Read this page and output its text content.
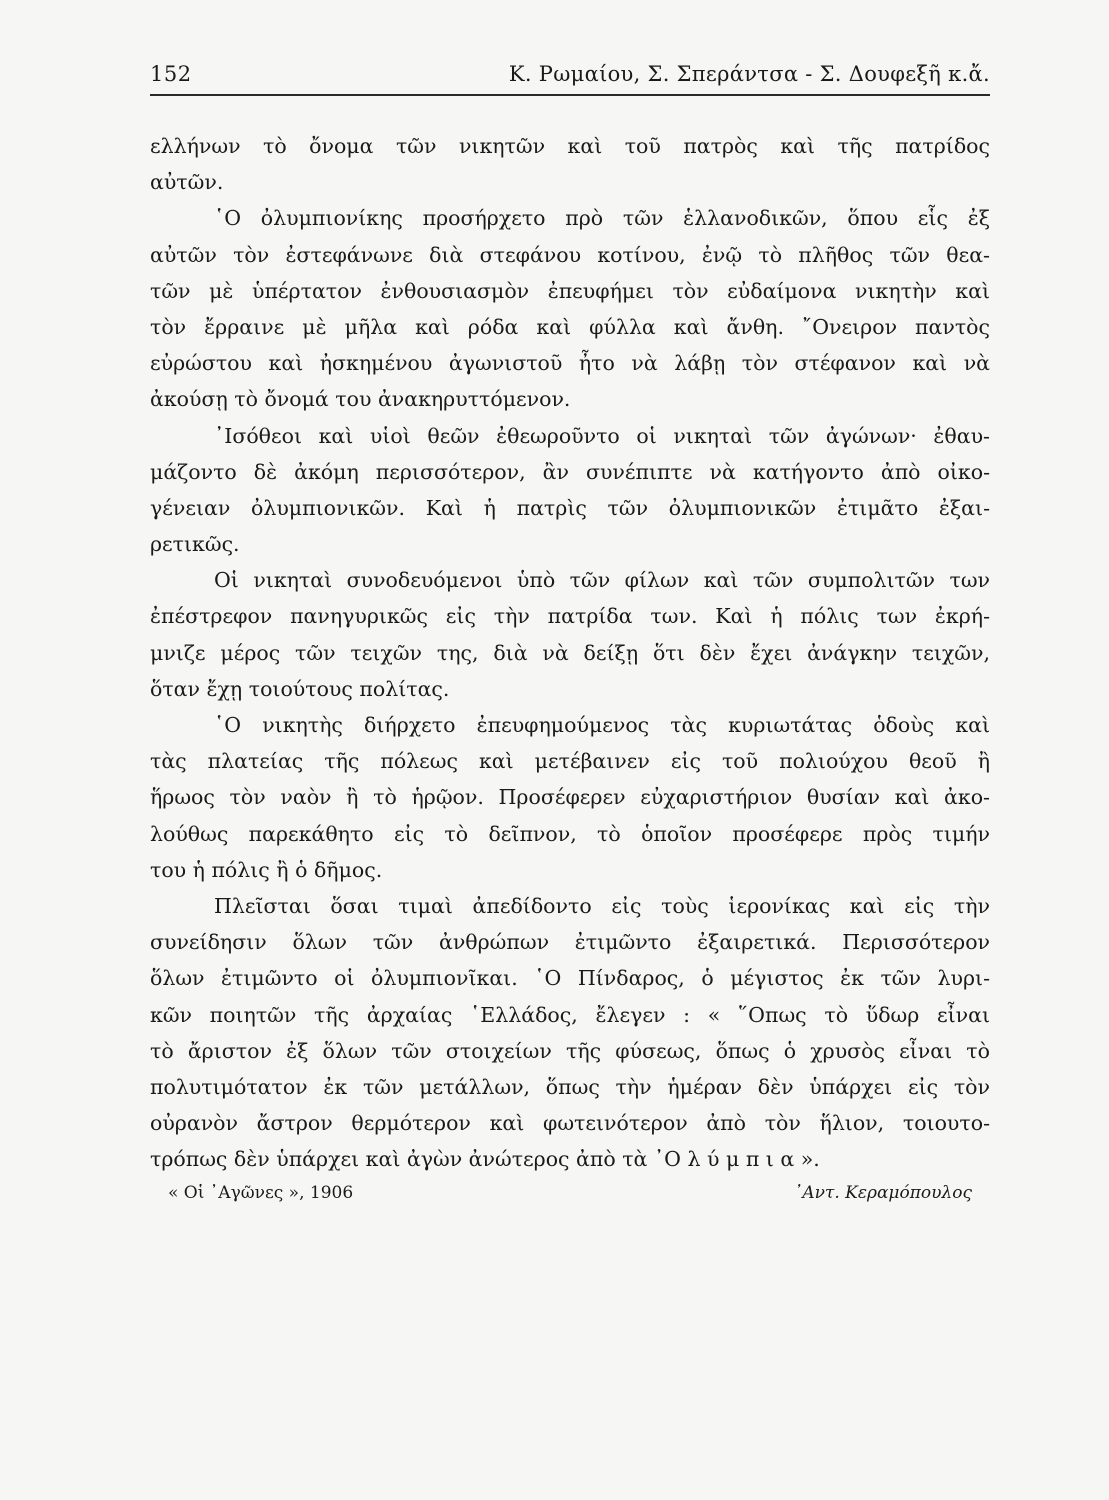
152	Κ. Ρωμαίου, Σ. Σπεράντσα - Σ. Δουφεξῆ κ.ἄ.
ελλήνων τὸ ὄνομα τῶν νικητῶν καὶ τοῦ πατρὸς καὶ τῆς πατρίδος
αὐτῶν.
῾Ο ὀλυμπιονίκης προσήρχετο πρὸ τῶν ἑλλανοδικῶν, ὅπου εἷς ἐξ
αὐτῶν τὸν ἐστεφάνωνε διὰ στεφάνου κοτίνου, ἐνῷ τὸ πλῆθος τῶν θεα-
τῶν μὲ ὑπέρτατον ἐνθουσιασμὸν ἐπευφήμει τὸν εὐδαίμονα νικητὴν καὶ
τὸν ἔρραινε μὲ μῆλα καὶ ρόδα καὶ φύλλα καὶ ἄνθη. ῎Ονειρον παντὸς
εὐρώστου καὶ ἠσκημένου ἀγωνιστοῦ ἦτο νὰ λάβῃ τὸν στέφανον καὶ νὰ
ἀκούσῃ τὸ ὄνομά του ἀνακηρυττόμενον.
᾿Ισόθεοι καὶ υἱοὶ θεῶν ἐθεωροῦντο οἱ νικηταὶ τῶν ἀγώνων· ἐθαυ-
μάζοντο δὲ ἀκόμη περισσότερον, ἂν συνέπιπτε νὰ κατήγοντο ἀπὸ οἰκο-
γένειαν ὀλυμπιονικῶν. Καὶ ἡ πατρὶς τῶν ὀλυμπιονικῶν ἐτιμᾶτο ἐξαι-
ρετικῶς.
Οἱ νικηταὶ συνοδευόμενοι ὑπὸ τῶν φίλων καὶ τῶν συμπολιτῶν των
ἐπέστρεφον πανηγυρικῶς εἰς τὴν πατρίδα των. Καὶ ἡ πόλις των ἐκρή-
μνιζε μέρος τῶν τειχῶν της, διὰ νὰ δείξῃ ὅτι δὲν ἔχει ἀνάγκην τειχῶν,
ὅταν ἔχῃ τοιούτους πολίτας.
῾Ο νικητὴς διήρχετο ἐπευφημούμενος τὰς κυριωτάτας ὁδοὺς καὶ
τὰς πλατείας τῆς πόλεως καὶ μετέβαινεν εἰς τοῦ πολιούχου θεοῦ ἢ
ἥρωος τὸν ναὸν ἢ τὸ ἡρῷον. Προσέφερεν εὐχαριστήριον θυσίαν καὶ ἀκο-
λούθως παρεκάθητο εἰς τὸ δεῖπνον, τὸ ὁποῖον προσέφερε πρὸς τιμήν
του ἡ πόλις ἢ ὁ δῆμος.
Πλεῖσται ὅσαι τιμαὶ ἀπεδίδοντο εἰς τοὺς ἱερονίκας καὶ εἰς τὴν
συνείδησιν ὅλων τῶν ἀνθρώπων ἐτιμῶντο ἐξαιρετικά. Περισσότερον
ὅλων ἐτιμῶντο οἱ ὀλυμπιονῖκαι. ῾Ο Πίνδαρος, ὁ μέγιστος ἐκ τῶν λυρι-
κῶν ποιητῶν τῆς ἀρχαίας ῾Ελλάδος, ἔλεγεν : « ῞Οπως τὸ ὕδωρ εἶναι
τὸ ἄριστον ἐξ ὅλων τῶν στοιχείων τῆς φύσεως, ὅπως ὁ χρυσὸς εἶναι τὸ
πολυτιμότατον ἐκ τῶν μετάλλων, ὅπως τὴν ἡμέραν δὲν ὑπάρχει εἰς τὸν
οὐρανὸν ἄστρον θερμότερον καὶ φωτεινότερον ἀπὸ τὸν ἥλιον, τοιουτο-
τρόπως δὲν ὑπάρχει καὶ ἀγὼν ἀνώτερος ἀπὸ τὰ ᾿Ο λ ύ μ π ι α ».
« Οἱ ᾿Αγῶνες », 1906	᾿Αντ. Κεραμόπουλος
